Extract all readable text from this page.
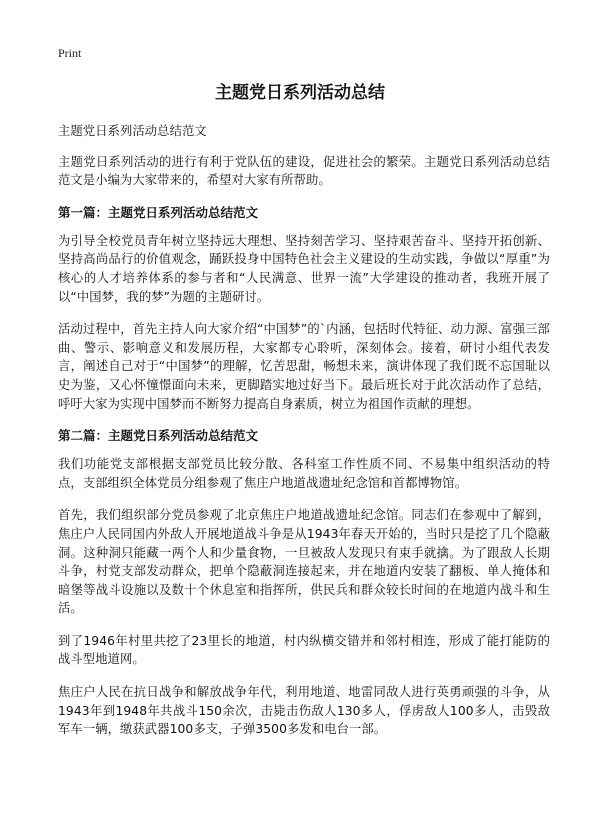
Print
主题党日系列活动总结

主题党日系列活动总结范文

主题党日系列活动的进行有利于党队伍的建设，促进社会的繁荣。主题党日系列活动总结范文是小编为大家带来的，希望对大家有所帮助。

第一篇：主题党日系列活动总结范文

为引导全校党员青年树立坚持远大理想、坚持刻苦学习、坚持艰苦奋斗、坚持开拓创新、坚持高尚品行的价值观念，踊跃投身中国特色社会主义建设的生动实践，争做以“厚重”为核心的人才培养体系的参与者和“人民满意、世界一流”大学建设的推动者，我班开展了以“中国梦，我的梦”为题的主题研讨。

活动过程中，首先主持人向大家介绍“中国梦”的`内涵，包括时代特征、动力源、富强三部曲、警示、影响意义和发展历程，大家都专心聆听，深刻体会。接着，研讨小组代表发言，阐述自己对于“中国梦”的理解，忆苦思甜，畅想未来，演讲体现了我们既不忘国耻以史为鉴，又心怀憧憬面向未来，更脚踏实地过好当下。最后班长对于此次活动作了总结，呼吁大家为实现中国梦而不断努力提高自身素质，树立为祖国作贡献的理想。

第二篇：主题党日系列活动总结范文

我们功能党支部根据支部党员比较分散、各科室工作性质不同、不易集中组织活动的特点，支部组织全体党员分组参观了焦庄户地道战遗址纪念馆和首都博物馆。

首先，我们组织部分党员参观了北京焦庄户地道战遗址纪念馆。同志们在参观中了解到，焦庄户人民同国内外敌人开展地道战斗争是从1943年春天开始的，当时只是挖了几个隐蔽洞。这种洞只能藏一两个人和少量食物，一旦被敌人发现只有束手就擒。为了跟敌人长期斗争，村党支部发动群众，把单个隐蔽洞连接起来，并在地道内安装了翻板、单人掩体和暗堡等战斗设施以及数十个休息室和指挥所，供民兵和群众较长时间的在地道内战斗和生活。

到了1946年村里共挖了23里长的地道，村内纵横交错并和邻村相连，形成了能打能防的战斗型地道网。

焦庄户人民在抗日战争和解放战争年代，利用地道、地雷同敌人进行英勇顽强的斗争，从1943年到1948年共战斗150余次，击毙击伤敌人130多人，俘虏敌人100多人，击毁敌军车一辆，缴获武器100多支，子弹3500多发和电台一部。
